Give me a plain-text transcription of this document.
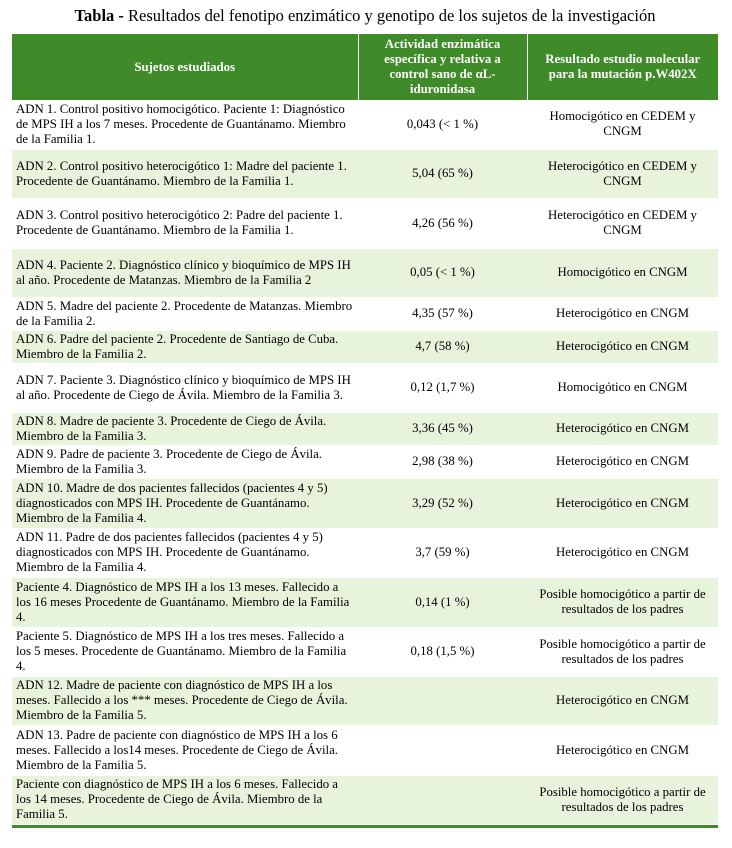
Tabla - Resultados del fenotipo enzimático y genotipo de los sujetos de la investigación
Sujetos estudiados	Actividad enzimática específica y relativa a control sano de αL-iduronidasa	Resultado estudio molecular para la mutación p.W402X
ADN 1. Control positivo homocigótico. Paciente 1: Diagnóstico de MPS IH a los 7 meses. Procedente de Guantánamo. Miembro de la Familia 1.	0,043 (< 1 %)	Homocigótico en CEDEM y CNGM
ADN 2. Control positivo heterocigótico 1: Madre del paciente 1. Procedente de Guantánamo. Miembro de la Familia 1.	5,04 (65 %)	Heterocigótico en CEDEM y CNGM
ADN 3. Control positivo heterocigótico 2: Padre del paciente 1. Procedente de Guantánamo. Miembro de la Familia 1.	4,26 (56 %)	Heterocigótico en CEDEM y CNGM
ADN 4. Paciente 2. Diagnóstico clínico y bioquímico de MPS IH al año. Procedente de Matanzas. Miembro de la Familia 2	0,05 (< 1 %)	Homocigótico en CNGM
ADN 5. Madre del paciente 2. Procedente de Matanzas. Miembro de la Familia 2.	4,35 (57 %)	Heterocigótico en CNGM
ADN 6. Padre del paciente 2. Procedente de Santiago de Cuba. Miembro de la Familia 2.	4,7 (58 %)	Heterocigótico en CNGM
ADN 7. Paciente 3. Diagnóstico clínico y bioquímico de MPS IH al año. Procedente de Ciego de Ávila. Miembro de la Familia 3.	0,12 (1,7 %)	Homocigótico en CNGM
ADN 8. Madre de paciente 3. Procedente de Ciego de Ávila. Miembro de la Familia 3.	3,36 (45 %)	Heterocigótico en CNGM
ADN 9. Padre de paciente 3. Procedente de Ciego de Ávila. Miembro de la Familia 3.	2,98 (38 %)	Heterocigótico en CNGM
ADN 10. Madre de dos pacientes fallecidos (pacientes 4 y 5) diagnosticados con MPS IH. Procedente de Guantánamo. Miembro de la Familia 4.	3,29 (52 %)	Heterocigótico en CNGM
ADN 11. Padre de dos pacientes fallecidos (pacientes 4 y 5) diagnosticados con MPS IH. Procedente de Guantánamo. Miembro de la Familia 4.	3,7 (59 %)	Heterocigótico en CNGM
Paciente 4. Diagnóstico de MPS IH a los 13 meses. Fallecido a los 16 meses Procedente de Guantánamo. Miembro de la Familia 4.	0,14 (1 %)	Posible homocigótico a partir de resultados de los padres
Paciente 5. Diagnóstico de MPS IH a los tres meses. Fallecido a los 5 meses. Procedente de Guantánamo. Miembro de la Familia 4.	0,18 (1,5 %)	Posible homocigótico a partir de resultados de los padres
ADN 12. Madre de paciente con diagnóstico de MPS IH a los meses. Fallecido a los *** meses. Procedente de Ciego de Ávila. Miembro de la Familia 5.		Heterocigótico en CNGM
ADN 13. Padre de paciente con diagnóstico de MPS IH a los 6 meses. Fallecido a los14 meses. Procedente de Ciego de Ávila. Miembro de la Familia 5.		Heterocigótico en CNGM
Paciente con diagnóstico de MPS IH a los 6 meses. Fallecido a los 14 meses. Procedente de Ciego de Ávila. Miembro de la Familia 5.		Posible homocigótico a partir de resultados de los padres
